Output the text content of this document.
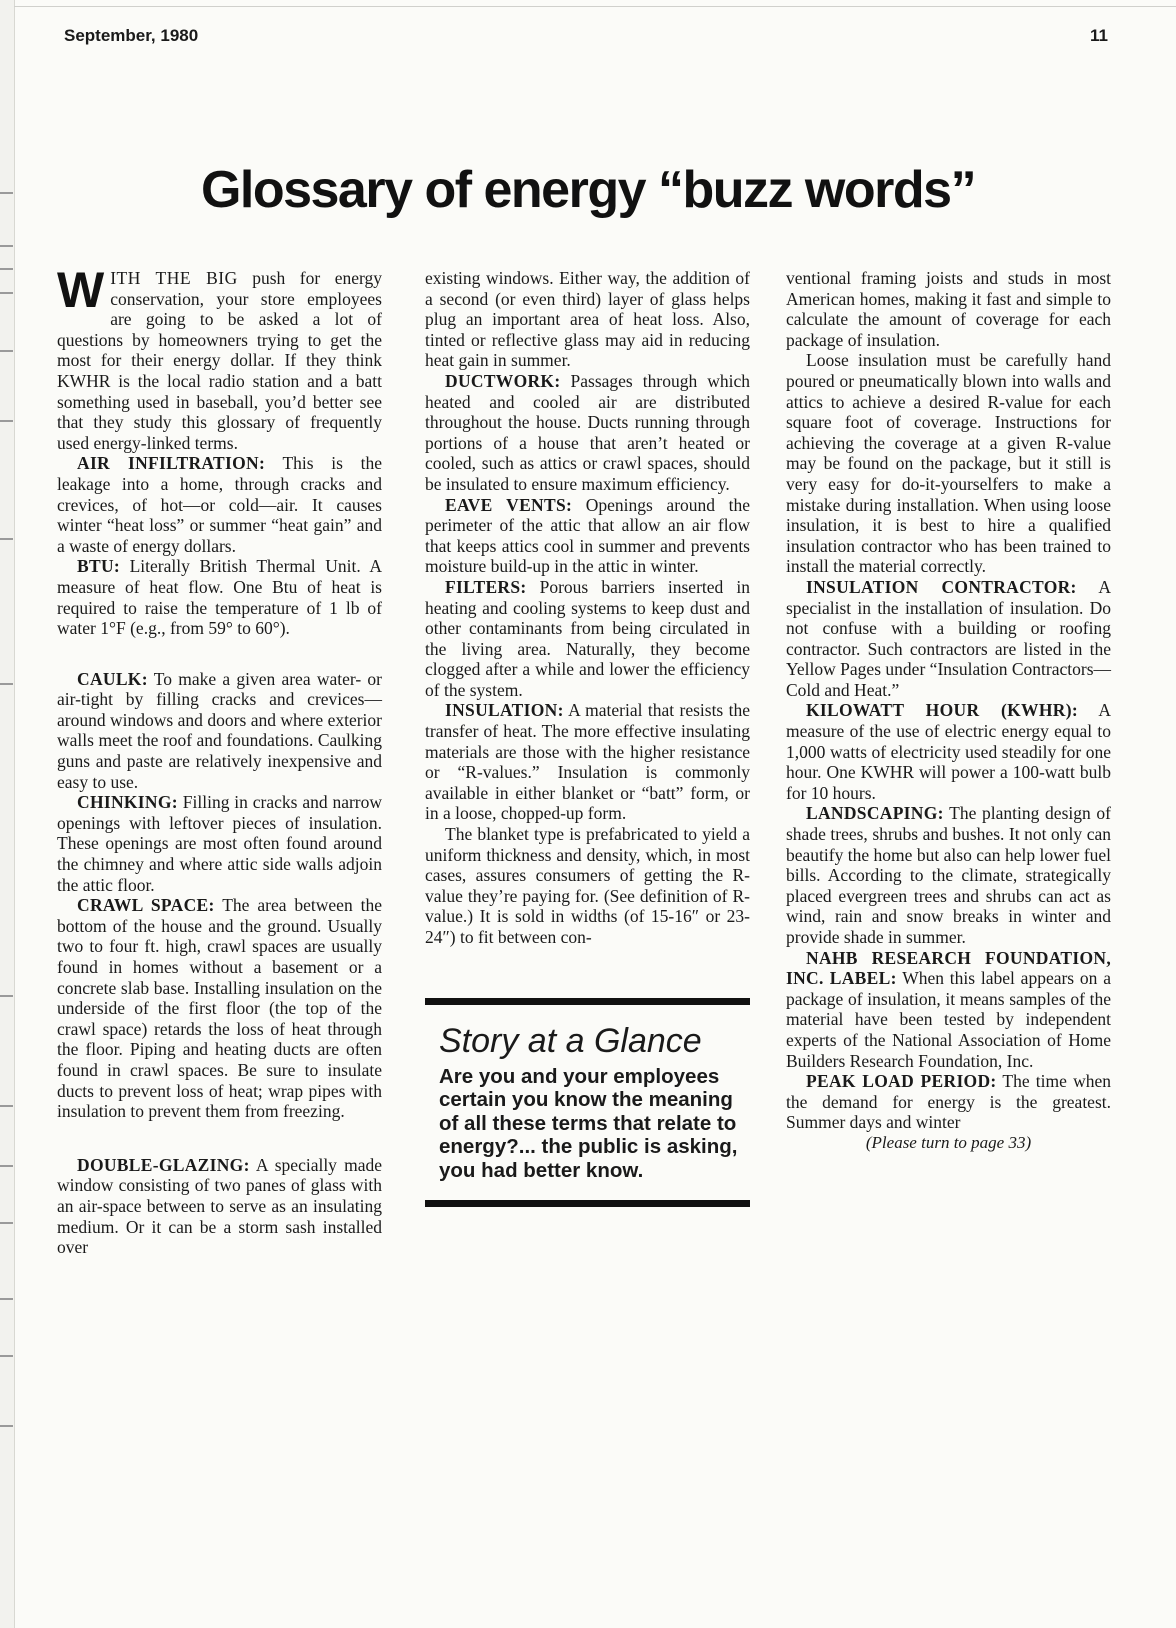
September, 1980	11
Glossary of energy “buzz words”

WITH THE BIG push for energy conservation, your store employees are going to be asked a lot of questions by homeowners trying to get the most for their energy dollar. If they think KWHR is the local radio station and a batt something used in baseball, you’d better see that they study this glossary of frequently used energy-linked terms.

AIR INFILTRATION: This is the leakage into a home, through cracks and crevices, of hot—or cold—air. It causes winter “heat loss” or summer “heat gain” and a waste of energy dollars.

BTU: Literally British Thermal Unit. A measure of heat flow. One Btu of heat is required to raise the temperature of 1 lb of water 1°F (e.g., from 59° to 60°).

CAULK: To make a given area water- or air-tight by filling cracks and crevices—around windows and doors and where exterior walls meet the roof and foundations. Caulking guns and paste are relatively inexpensive and easy to use.

CHINKING: Filling in cracks and narrow openings with leftover pieces of insulation. These openings are most often found around the chimney and where attic side walls adjoin the attic floor.

CRAWL SPACE: The area between the bottom of the house and the ground. Usually two to four ft. high, crawl spaces are usually found in homes without a basement or a concrete slab base. Installing insulation on the underside of the first floor (the top of the crawl space) retards the loss of heat through the floor. Piping and heating ducts are often found in crawl spaces. Be sure to insulate ducts to prevent loss of heat; wrap pipes with insulation to prevent them from freezing.

DOUBLE-GLAZING: A specially made window consisting of two panes of glass with an air-space between to serve as an insulating medium. Or it can be a storm sash installed over

existing windows. Either way, the addition of a second (or even third) layer of glass helps plug an important area of heat loss. Also, tinted or reflective glass may aid in reducing heat gain in summer.

DUCTWORK: Passages through which heated and cooled air are distributed throughout the house. Ducts running through portions of a house that aren’t heated or cooled, such as attics or crawl spaces, should be insulated to ensure maximum efficiency.

EAVE VENTS: Openings around the perimeter of the attic that allow an air flow that keeps attics cool in summer and prevents moisture build-up in the attic in winter.

FILTERS: Porous barriers inserted in heating and cooling systems to keep dust and other contaminants from being circulated in the living area. Naturally, they become clogged after a while and lower the efficiency of the system.

INSULATION: A material that resists the transfer of heat. The more effective insulating materials are those with the higher resistance or “R-values.” Insulation is commonly available in either blanket or “batt” form, or in a loose, chopped-up form.

The blanket type is prefabricated to yield a uniform thickness and density, which, in most cases, assures consumers of getting the R-value they’re paying for. (See definition of R-value.) It is sold in widths (of 15-16″ or 23-24″) to fit between con-

Story at a Glance
Are you and your employees certain you know the meaning of all these terms that relate to energy?... the public is asking, you had better know.

ventional framing joists and studs in most American homes, making it fast and simple to calculate the amount of coverage for each package of insulation.

Loose insulation must be carefully hand poured or pneumatically blown into walls and attics to achieve a desired R-value for each square foot of coverage. Instructions for achieving the coverage at a given R-value may be found on the package, but it still is very easy for do-it-yourselfers to make a mistake during installation. When using loose insulation, it is best to hire a qualified insulation contractor who has been trained to install the material correctly.

INSULATION CONTRACTOR: A specialist in the installation of insulation. Do not confuse with a building or roofing contractor. Such contractors are listed in the Yellow Pages under “Insulation Contractors—Cold and Heat.”

KILOWATT HOUR (KWHR): A measure of the use of electric energy equal to 1,000 watts of electricity used steadily for one hour. One KWHR will power a 100-watt bulb for 10 hours.

LANDSCAPING: The planting design of shade trees, shrubs and bushes. It not only can beautify the home but also can help lower fuel bills. According to the climate, strategically placed evergreen trees and shrubs can act as wind, rain and snow breaks in winter and provide shade in summer.

NAHB RESEARCH FOUNDATION, INC. LABEL: When this label appears on a package of insulation, it means samples of the material have been tested by independent experts of the National Association of Home Builders Research Foundation, Inc.

PEAK LOAD PERIOD: The time when the demand for energy is the greatest. Summer days and winter

(Please turn to page 33)
